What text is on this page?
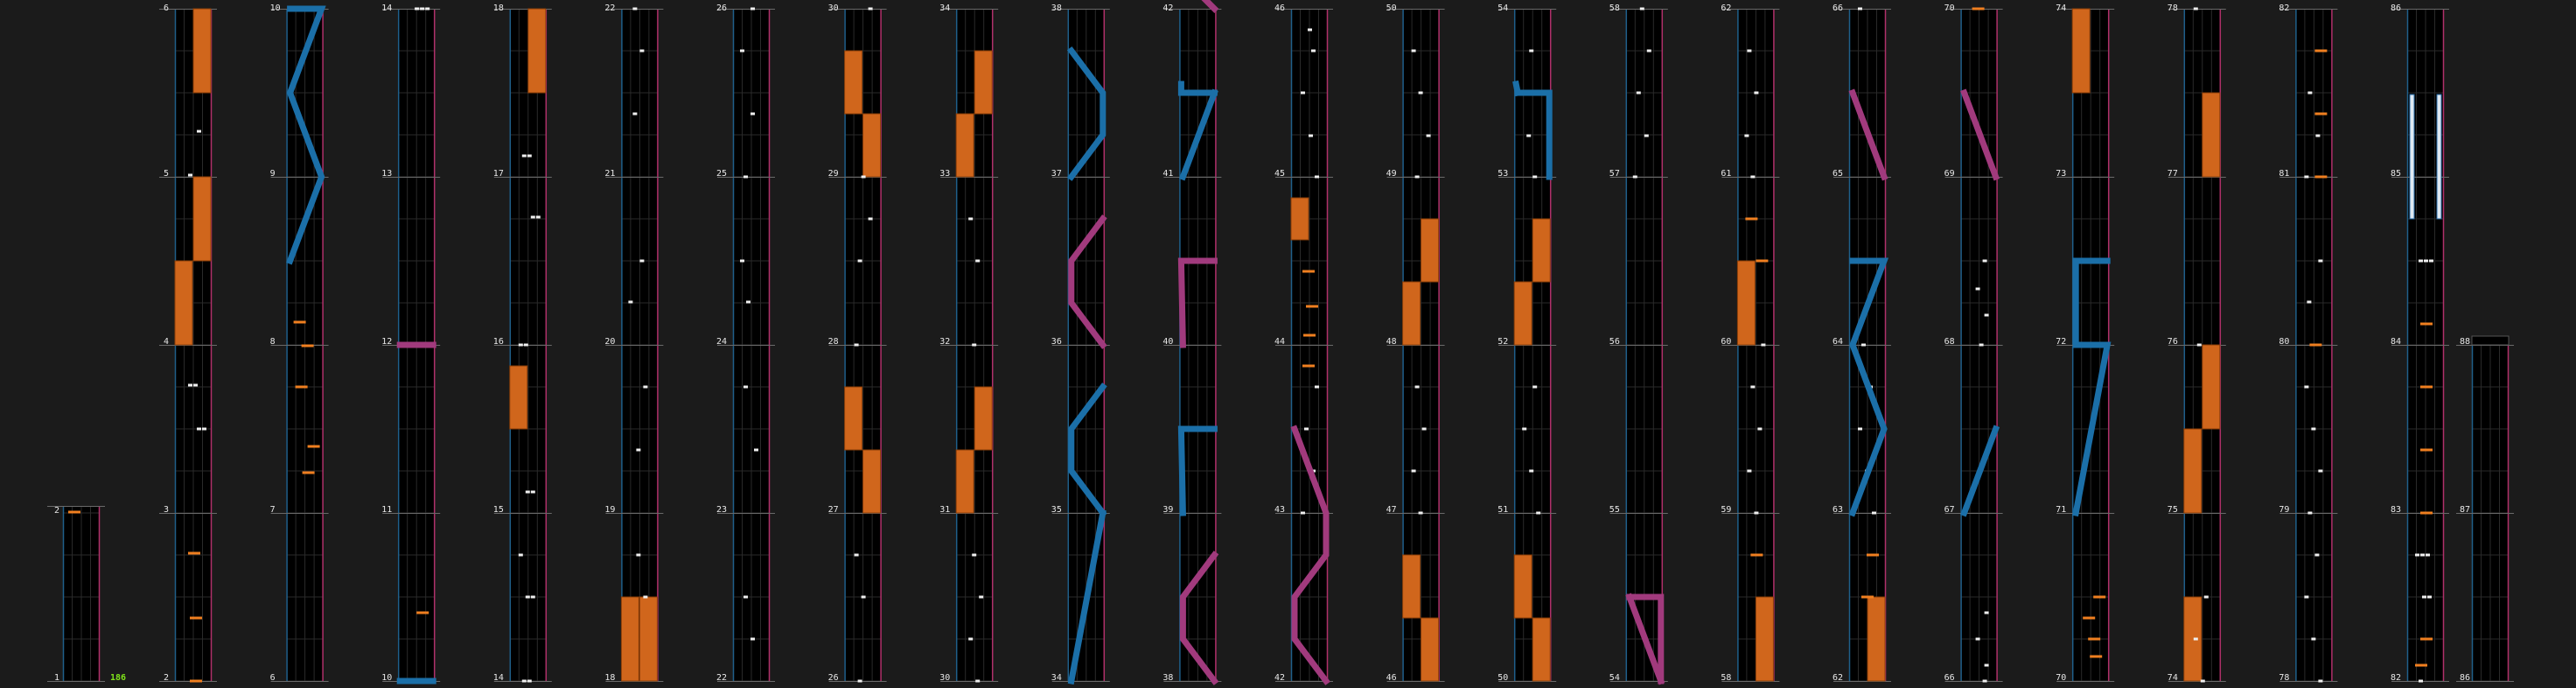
1
2
186	2
3
4
5
6
6
7
8
9
10
10
11
12
13
14
14
15
16
17
18
18
19
20
21
22
22
23
24
25
26
26
27
28
29
30
30
31
32
33
34
34
35
36
37
38
38
39
40
41
42
42
43
44
45
46
46
47
48
49
50
50
51
52
53
54
54
55
56
57
58
58
59
60
61
62
62
63
64
65
66
66
67
68
69
70
70
71
72
73
74
74
75
76
77
78
78
79
80
81
82
82
83
84
85
86
86
87
88
